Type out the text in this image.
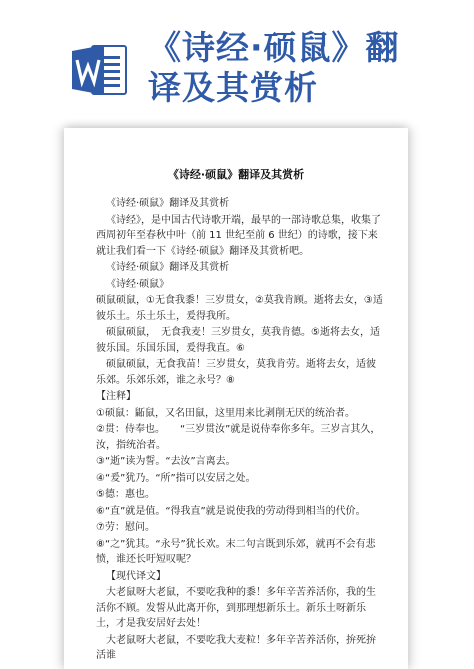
《诗经·硕鼠》翻
译及其赏析
《诗经·硕鼠》翻译及其赏析

《诗经·硕鼠》翻译及其赏析

《诗经》，是中国古代诗歌开端，最早的一部诗歌总集，收集了西周初年至春秋中叶（前 11 世纪至前 6 世纪）的诗歌，接下来就让我们看一下《诗经·硕鼠》翻译及其赏析吧。

《诗经·硕鼠》翻译及其赏析

《诗经·硕鼠》

硕鼠硕鼠，①无食我黍！三岁贯女，②莫我肯顾。逝将去女，③适彼乐土。乐土乐土，爰得我所。

硕鼠硕鼠，　无食我麦！三岁贯女，莫我肯德。⑤逝将去女，适彼乐国。乐国乐国，爰得我直。⑥

硕鼠硕鼠，无食我苗！三岁贯女，莫我肯劳。逝将去女，适彼乐郊。乐郊乐郊，谁之永号？⑧

【注释】

①硕鼠：鼫鼠，又名田鼠，这里用来比剥削无厌的统治者。

②贯：侍奉也。　　“三岁贯汝”就是说侍奉你多年。三岁言其久，汝，指统治者。

③“逝”读为誓。“去汝”言离去。

④“爰”犹乃。“所”指可以安居之处。

⑤德：惠也。

⑥“直”就是值。“得我直”就是说使我的劳动得到相当的代价。

⑦劳：慰问。

⑧“之”犹其。“永号”犹长欢。末二句言既到乐郊，就再不会有悲愤，谁还长吁短叹呢？

【现代译文】

大老鼠呀大老鼠，不要吃我种的黍！多年辛苦养活你，我的生活你不顾。发誓从此离开你，到那理想新乐土。新乐土呀新乐土，才是我安居好去处！

大老鼠呀大老鼠，不要吃我大麦粒！多年辛苦养活你，拚死拚活谁
